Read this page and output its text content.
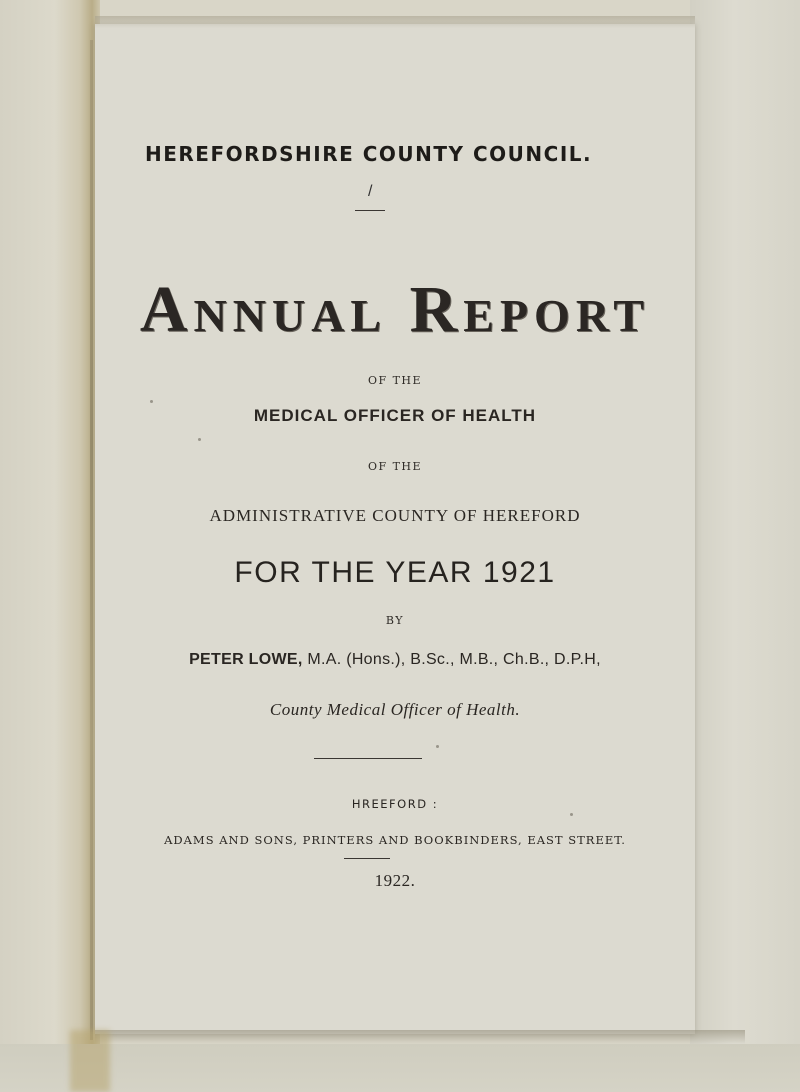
HEREFORDSHIRE COUNTY COUNCIL.
/
Annual Report
OF THE
MEDICAL OFFICER OF HEALTH
OF THE
ADMINISTRATIVE COUNTY OF HEREFORD
FOR THE YEAR 1921
BY
PETER LOWE, M.A. (Hons.), B.Sc., M.B., Ch.B., D.P.H,
County Medical Officer of Health.
HREEFORD :
ADAMS AND SONS, PRINTERS AND BOOKBINDERS, EAST STREET.
1922.
